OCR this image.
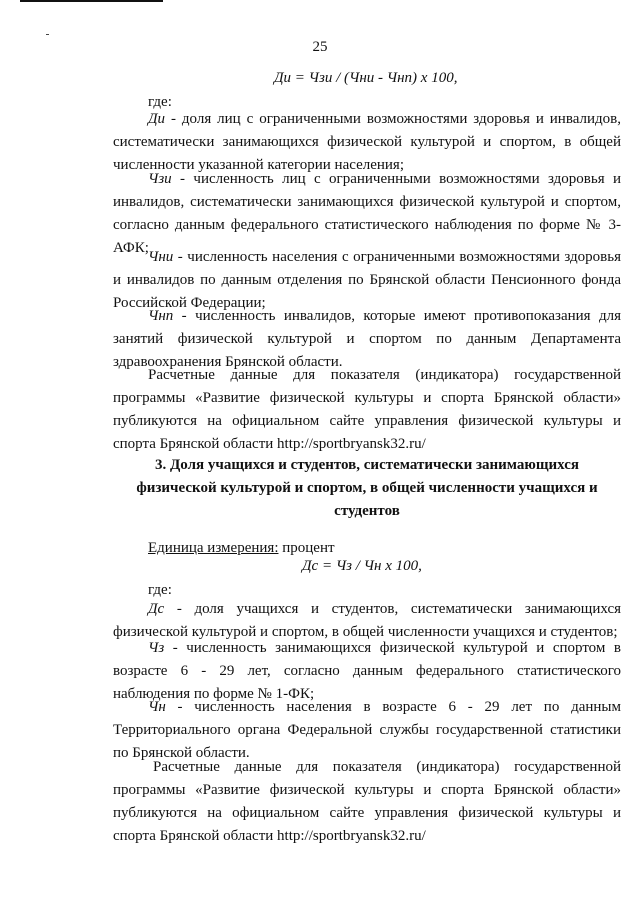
25
Ди = Чзи / (Чни - Чнп) х 100,
где:
Ди - доля лиц с ограниченными возможностями здоровья и инвалидов, систематически занимающихся физической культурой и спортом, в общей численности указанной категории населения;
Чзи - численность лиц с ограниченными возможностями здоровья и инвалидов, систематически занимающихся физической культурой и спортом, согласно данным федерального статистического наблюдения по форме № 3-АФК;
Чни - численность населения с ограниченными возможностями здоровья и инвалидов по данным отделения по Брянской области Пенсионного фонда Российской Федерации;
Чнп - численность инвалидов, которые имеют противопоказания для занятий физической культурой и спортом по данным Департамента здравоохранения Брянской области.
Расчетные данные для показателя (индикатора) государственной программы «Развитие физической культуры и спорта Брянской области» публикуются на официальном сайте управления физической культуры и спорта Брянской области http://sportbryansk32.ru/
3. Доля учащихся и студентов, систематически занимающихся физической культурой и спортом, в общей численности учащихся и студентов
Единица измерения: процент
Дс = Чз / Чн х 100,
где:
Дс - доля учащихся и студентов, систематически занимающихся физической культурой и спортом, в общей численности учащихся и студентов;
Чз - численность занимающихся физической культурой и спортом в возрасте 6 - 29 лет, согласно данным федерального статистического наблюдения по форме № 1-ФК;
Чн - численность населения в возрасте 6 - 29 лет по данным Территориального органа Федеральной службы государственной статистики по Брянской области.
Расчетные данные для показателя (индикатора) государственной программы «Развитие физической культуры и спорта Брянской области» публикуются на официальном сайте управления физической культуры и спорта Брянской области http://sportbryansk32.ru/
